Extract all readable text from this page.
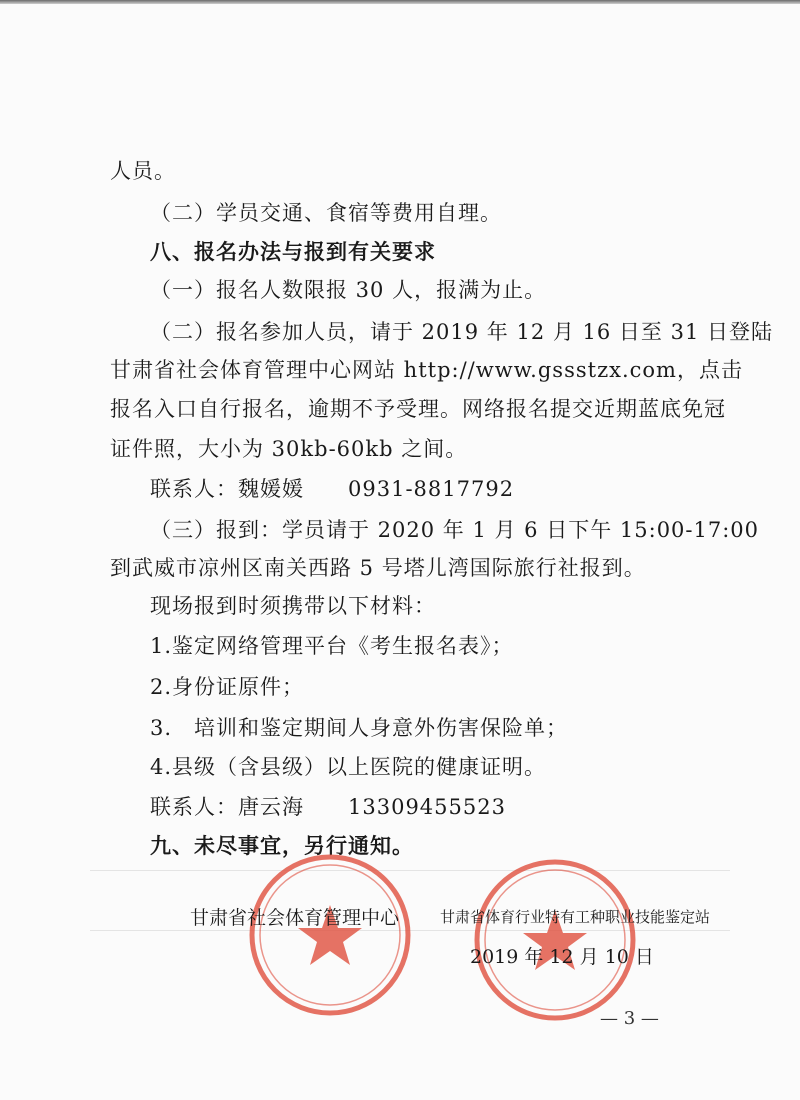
人员。
（二）学员交通、食宿等费用自理。
八、报名办法与报到有关要求
（一）报名人数限报 30 人，报满为止。
（二）报名参加人员，请于 2019 年 12 月 16 日至 31 日登陆
甘肃省社会体育管理中心网站 http://www.gssstzx.com，点击
报名入口自行报名，逾期不予受理。网络报名提交近期蓝底免冠
证件照，大小为 30kb-60kb 之间。
联系人：魏媛媛　　0931-8817792
（三）报到：学员请于 2020 年 1 月 6 日下午 15:00-17:00
到武威市凉州区南关西路 5 号塔儿湾国际旅行社报到。
现场报到时须携带以下材料：
1.鉴定网络管理平台《考生报名表》；
2.身份证原件；
3.　培训和鉴定期间人身意外伤害保险单；
4.县级（含县级）以上医院的健康证明。
联系人：唐云海　　13309455523
九、未尽事宜，另行通知。
甘肃省社会体育管理中心	甘肃省体育行业特有工种职业技能鉴定站
2019 年 12 月 10 日
— 3 —
